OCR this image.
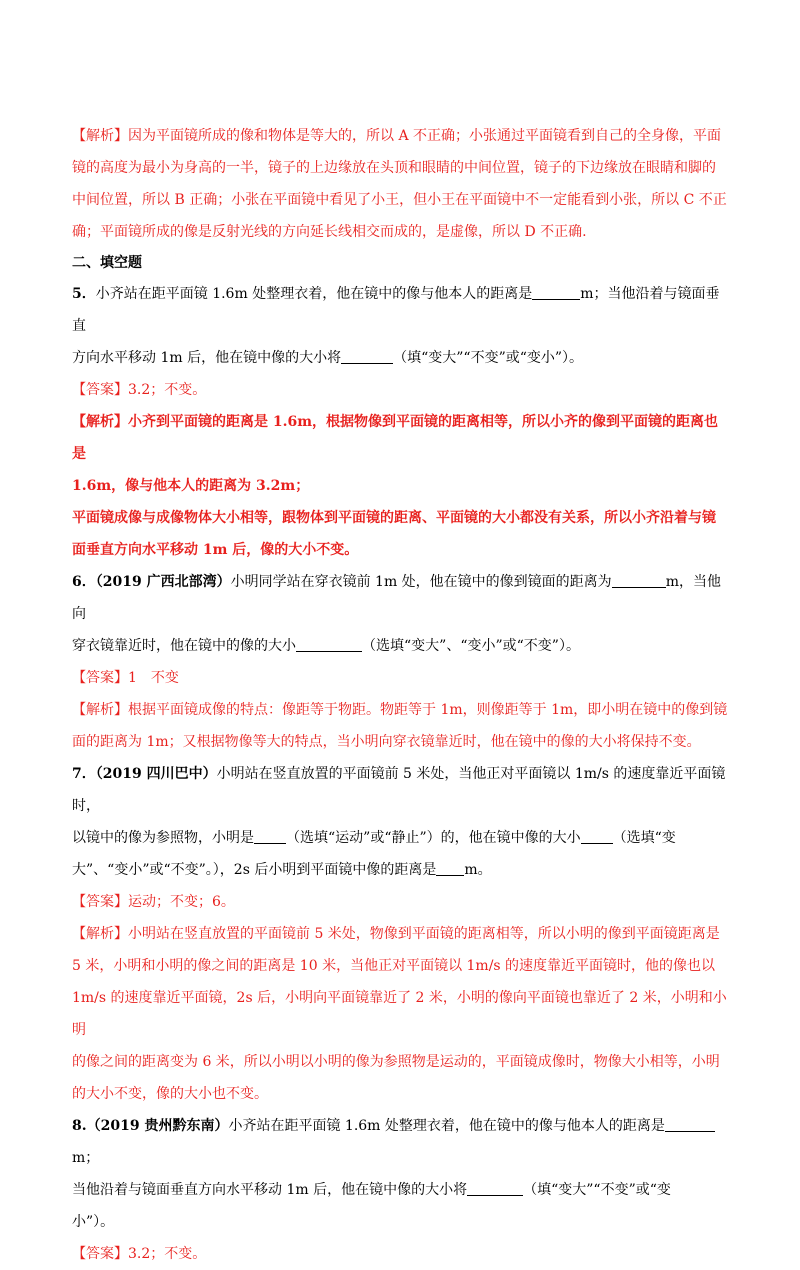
【解析】因为平面镜所成的像和物体是等大的，所以 A 不正确；小张通过平面镜看到自己的全身像，平面

镜的高度为最小为身高的一半，镜子的上边缘放在头顶和眼睛的中间位置，镜子的下边缘放在眼睛和脚的

中间位置，所以 B 正确；小张在平面镜中看见了小王，但小王在平面镜中不一定能看到小张，所以 C 不正

确；平面镜所成的像是反射光线的方向延长线相交而成的，是虚像，所以 D 不正确.

二、填空题

5．小齐站在距平面镜 1.6m 处整理衣着，他在镜中的像与他本人的距离是	m；当他沿着与镜面垂直

方向水平移动 1m 后，他在镜中像的大小将	（填“变大”“不变”或“变小”）。

【答案】3.2；不变。

【解析】小齐到平面镜的距离是 1.6m，根据物像到平面镜的距离相等，所以小齐的像到平面镜的距离也是

1.6m，像与他本人的距离为 3.2m；

平面镜成像与成像物体大小相等，跟物体到平面镜的距离、平面镜的大小都没有关系，所以小齐沿着与镜

面垂直方向水平移动 1m 后，像的大小不变。

6．（2019 广西北部湾）小明同学站在穿衣镜前 1m 处，他在镜中的像到镜面的距离为	m，当他向

穿衣镜靠近时，他在镜中的像的大小	（选填“变大”、“变小”或“不变”）。

【答案】1　不变

【解析】根据平面镜成像的特点：像距等于物距。物距等于 1m，则像距等于 1m，即小明在镜中的像到镜

面的距离为 1m；又根据物像等大的特点，当小明向穿衣镜靠近时，他在镜中的像的大小将保持不变。

7．（2019 四川巴中）小明站在竖直放置的平面镜前 5 米处，当他正对平面镜以 1m/s 的速度靠近平面镜时，

以镜中的像为参照物，小明是 （选填“运动”或“静止”）的，他在镜中像的大小 （选填“变

大”、“变小”或“不变”。），2s 后小明到平面镜中像的距离是 m。

【答案】运动；不变；6。

【解析】小明站在竖直放置的平面镜前 5 米处，物像到平面镜的距离相等，所以小明的像到平面镜距离是

5 米，小明和小明的像之间的距离是 10 米，当他正对平面镜以 1m/s 的速度靠近平面镜时，他的像也以

1m/s 的速度靠近平面镜，2s 后，小明向平面镜靠近了 2 米，小明的像向平面镜也靠近了 2 米，小明和小明

的像之间的距离变为 6 米，所以小明以小明的像为参照物是运动的，平面镜成像时，物像大小相等，小明

的大小不变，像的大小也不变。

8.（2019 贵州黔东南）小齐站在距平面镜 1.6m 处整理衣着，他在镜中的像与他本人的距离是m；

当他沿着与镜面垂直方向水平移动 1m 后，他在镜中像的大小将	（填“变大”“不变”或“变

小”）。

【答案】3.2；不变。
